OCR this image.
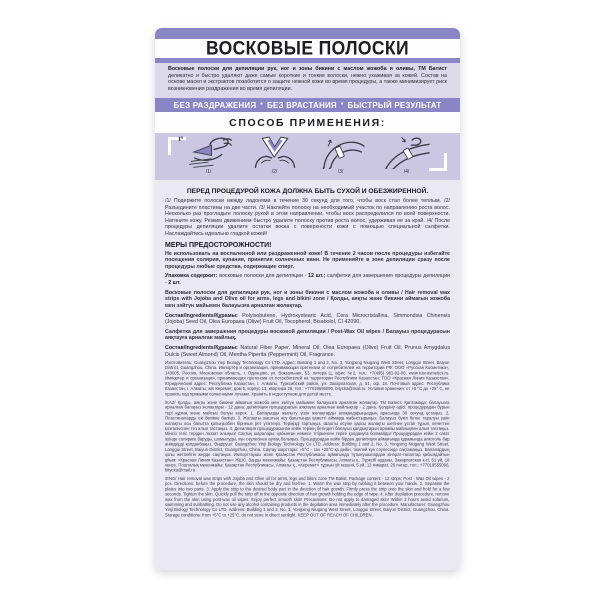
ВОСКОВЫЕ ПОЛОСКИ
Восковые полоски для депиляции рук, ног и зоны бикини с маслом жожоба и оливы, ТМ Батист деликатно и быстро удаляют даже самые короткие и тонкие волоски, нежно ухаживая за кожей. Состав на основе масел и экстрактов позаботится о защите нежной кожи во время процедуры, а также минимизирует риск возникновения раздражения во время депиляции.
БЕЗ РАЗДРАЖЕНИЯ • БЕЗ ВРАСТАНИЯ • БЫСТРЫЙ РЕЗУЛЬТАТ
СПОСОБ ПРИМЕНЕНИЯ:
t°
/1/	/2/	/3/	/4/
ПЕРЕД ПРОЦЕДУРОЙ КОЖА ДОЛЖНА БЫТЬ СУХОЙ И ОБЕЗЖИРЕННОЙ.

/1/ Подержите полоски между ладонями в течение 30 секунд для того, чтобы воск стал более теплым. /2/ Разъедините пластины на две части. /3/ Наклейте полоску на необходимый участок по направлению роста волос. Несколько раз прогладьте полоску рукой в этом направлении, чтобы воск распределился по всей поверхности. Натяните кожу. Резким движением быстро удалите полоску против роста волос, удерживая ее за край. /4/ После процедуры депиляции удалите остатки воска с поверхности кожи с помощью специальной салфетки. Наслаждайтесь идеально гладкой кожей!

МЕРЫ ПРЕДОСТОРОЖНОСТИ!

Не использовать на воспаленной или раздраженной коже! В течение 2 часов после процедуры избегайте посещения солярия, купания, принятия солнечных ванн. Не применяйте в зоне депиляции сразу после процедуры любые средства, содержащие спирт.

Упаковка содержит: восковые полоски для депиляции - 12 шт.; салфетки для завершения процедуры депиляции - 2 шт.

Восковые полоски для депиляции рук, ног и зоны бикини с маслом жожоба и оливы / Hair removal wax strips with Jojoba and Olive oil for arms, legs and bikini zone / Қолды, аяқты және бикини аймағын жожоба мен зәйтүн майымен балауызға арналған жолақтар.

Состав/Ingredients/Құрамы: Polyisobutene, Hydroxystearic Acid, Cera Microcristallina, Simmondsia Chinensis (Jojoba) Seed Oil, Olea Europaea (Olive) Fruit Oil, Tocopherol, Bisabolol, CI 42090.

Салфетка для завершения процедуры восковой депиляции / Post-Wax Oil wipes / Балауыз процедурасын аяқтауға арналған майлық.

Состав/Ingredients/Құрамы: Natural Fiber Paper, Mineral Oil, Olea Europaea (Olive) Fruit Oil, Prunus Amygdalus Dulcis (Sweet Almond) Oil, Mentha Piperita (Peppermint) Oil, Fragrance.

Изготовитель: Guangzhou Yinji Biology Technology Co LTD. Адрес: Building 1 and 2, No. 3, Yongxing Niugang West Street, Longgui Street, Baiyun District, Guangzhou, China. Импортёр и организация, принимающая претензии от потребителей на территории РФ: ООО «Русская Косметика», 143005, Россия, Московская область, г. Одинцово, ул. Вокзальная, 53, литера Ц, офис №2, тел.: +7(495) 981-92-00, www.ruscosmetics.ru. Импортер и организация, принимающая претензии от потребителей на территории Республики Казахстан: ТОО «Красная Линия Казахстан». Юридический адрес: Республика Казахстан, г. Алматы, Турксибский район, ул. Закарпатская, д. 51, оф. 18. Почтовый адрес: Республика Казахстан, г. Алматы, ж/к Керемет, дом 5, корпус 13, квартира 26, тел.: +77019555090, bitycka@mail.ru. Условия хранения: от +5 °С до +25° С, не хранить под прямыми солнечными лучами. Хранить в недоступном для детей месте.

/KAZ/ Қолды, аяқты және бикини аймағын жожоба мен зәйтүн майымен балауызға арналған жолақтар ТМ Батист. Қаптамада: балауызға арналған балауыз жолақтары - 12 дана; депиляция процедурасын аяқтауға арналған майлықтар - 2 дана. Қолдану әдісі: процедурадан бұрын тері құрғақ және майсыз болуы керек. 1. Балауызды жылыту үшін жолақтарды алақандарыңыздың арасында 30 секунд ұстаңыз. 2. Пластиналарды екі бөлікке бөліңіз. 3. Жолақты шаштың өсу бағытында қажетті аймаққа жабыстырыңыз. Балауыз бүкіл бетке таралуы үшін жолақты осы бағытта қолыңызбен бірнеше рет үтіктеңіз. Теріңізді тартыңыз. Шашты өсуіне қарсы жолақты шетінен ұстап тұрып, кенеттен қозғалыспен тез алып тастаңыз. 4. Депиляция процедурасынан кейін терінің бетіндегі балауыз қалдықтарын арнайы майлықпен алып тастаңыз. Мінсіз тегіс теріден ләззат алыңыз! Сақтық шаралары: қабынған немесе тітіркенген теріге қолдануға болмайды! Процедурадан кейін 2 сағат ішінде соляриге баруды, шомылуды, күн сәулесінен аулақ болыңыз. Процедурадан кейін бірден депиляция аймағында құрамында алкоголь бар өнімдерді қолданбаңыз. Өндіруші: Guangzhou Yinji Biology Technology Co LTD. Address: Building 1 and 2, No. 3, Yongxing Niugang West Street, Longgui Street, Baiyun District, Guangzhou, China. Сақтау шарттары: +5°С - тан +25°С-қа дейін, тікелей күн сәулесінде сақтамаңыз. Балалардың қолы жетпейтін жерде сақтаңыз. Импорттаушы және Қазақстан Республикасы аумағында тұтынушылардан кінәрат-талаптар қабылдайтын ұйым: «Красная Линия Казахстан» ЖШС. Заңды мекенжайы: Қазақстан Республикасы, Алматы қ., Түрксіб ауданы, Закарпатская к-сі, 51 үй, 18 кеңсе. Пошталық мекенжайы: Қазақстан Республикасы, Алматы қ., «Керемет» тұрғын үй кешені, 5 үй, 13 ғимарат, 26 пәтер, тел.: +77019555090, bitycka@mail.ru

/ENG/ Hair removal wax strips with Jojoba and Olive oil for arms, legs and bikini zone TM Batist. Package content - 12 strips; Post - Wax Oil wipes - 2 pcs. Directions: before the procedure, the skin should be dry and fat-free. 1. Warm the wax strip by rubbing it between your hands. 2. Separate the plates into two parts. 3. Apply the strip to the desired body part in the direction of hair growth. Firmly press the strip onto the skin and hold for a few seconds. Tighten the skin. Quickly pull the strip off in the opposite direction of hair growth holding the edge of wipe. 4. After depilation procedure, remove wax from the skin using post-wax oil wipes. Enjoy perfect smooth skin! Precautions: Do not apply to damaged skin! Within 2 hours avoid solarium, swimming and sunbathing. Do not use any alcohol containing products in the depilation area immediately after the procedure. Manufacturer: Guangzhou Yinji Biology Technology Co LTD. Address: Building 1 and 2, No. 3, Yongxing Niugang West Street, Longgui Street, Baiyun District, Guangzhou, China. Storage conditions: from +5°C to +25°C, do not store in direct sunlight. KEEP OUT OF REACH OF CHILDREN.
